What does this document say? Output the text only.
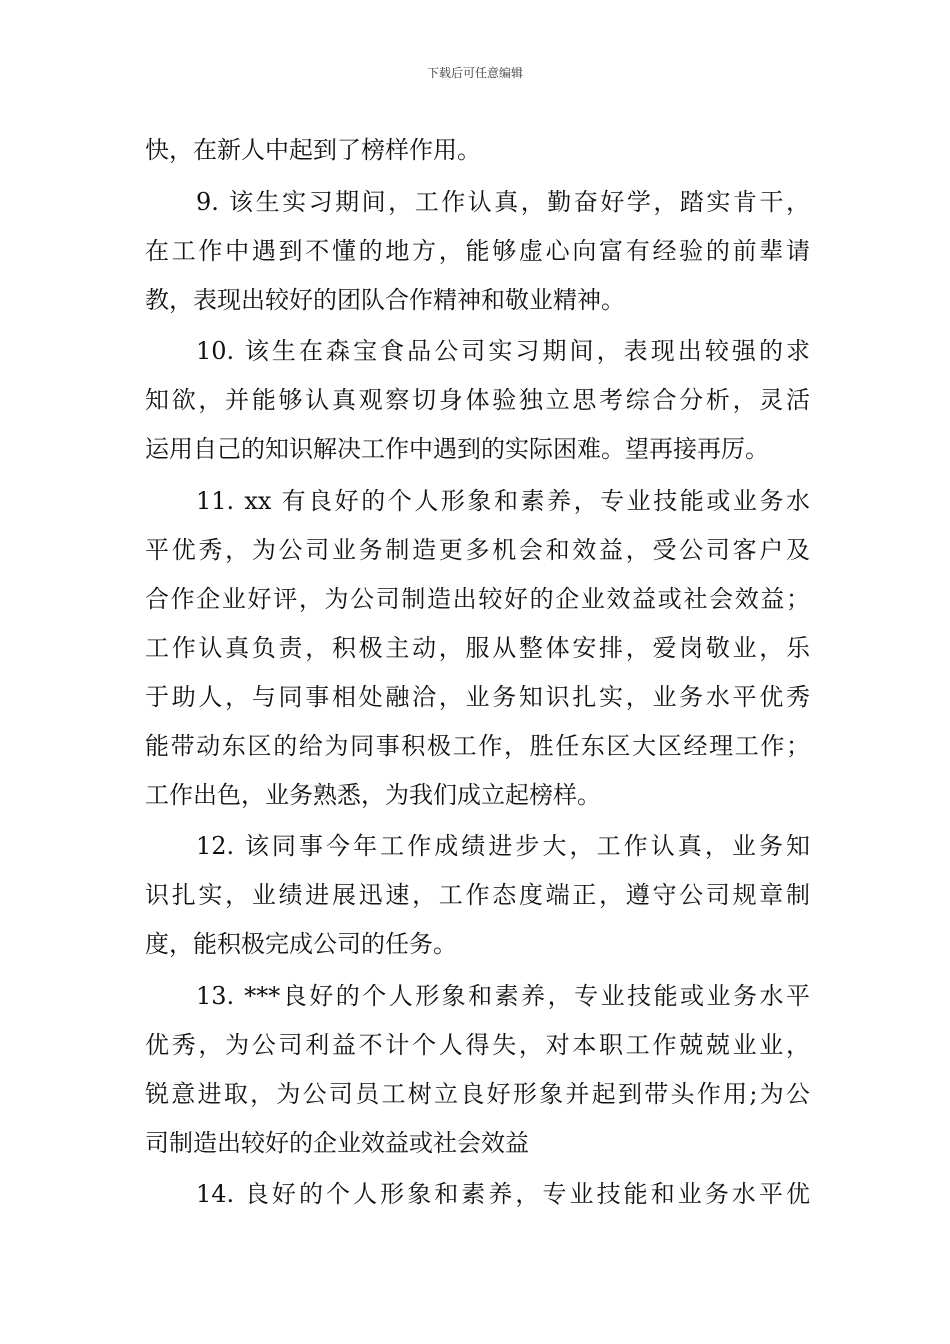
下载后可任意编辑
快，在新人中起到了榜样作用。
9. 该生实习期间，工作认真，勤奋好学，踏实肯干，
在工作中遇到不懂的地方，能够虚心向富有经验的前辈请
教，表现出较好的团队合作精神和敬业精神。
10. 该生在森宝食品公司实习期间，表现出较强的求
知欲，并能够认真观察切身体验独立思考综合分析，灵活
运用自己的知识解决工作中遇到的实际困难。望再接再厉。
11. xx 有良好的个人形象和素养，专业技能或业务水
平优秀，为公司业务制造更多机会和效益，受公司客户及
合作企业好评，为公司制造出较好的企业效益或社会效益；
工作认真负责，积极主动，服从整体安排，爱岗敬业，乐
于助人，与同事相处融洽，业务知识扎实，业务水平优秀
能带动东区的给为同事积极工作，胜任东区大区经理工作；
工作出色，业务熟悉，为我们成立起榜样。
12. 该同事今年工作成绩进步大，工作认真，业务知
识扎实，业绩进展迅速，工作态度端正，遵守公司规章制
度，能积极完成公司的任务。
13. ***良好的个人形象和素养，专业技能或业务水平
优秀，为公司利益不计个人得失，对本职工作兢兢业业，
锐意进取，为公司员工树立良好形象并起到带头作用;为公
司制造出较好的企业效益或社会效益
14. 良好的个人形象和素养，专业技能和业务水平优
